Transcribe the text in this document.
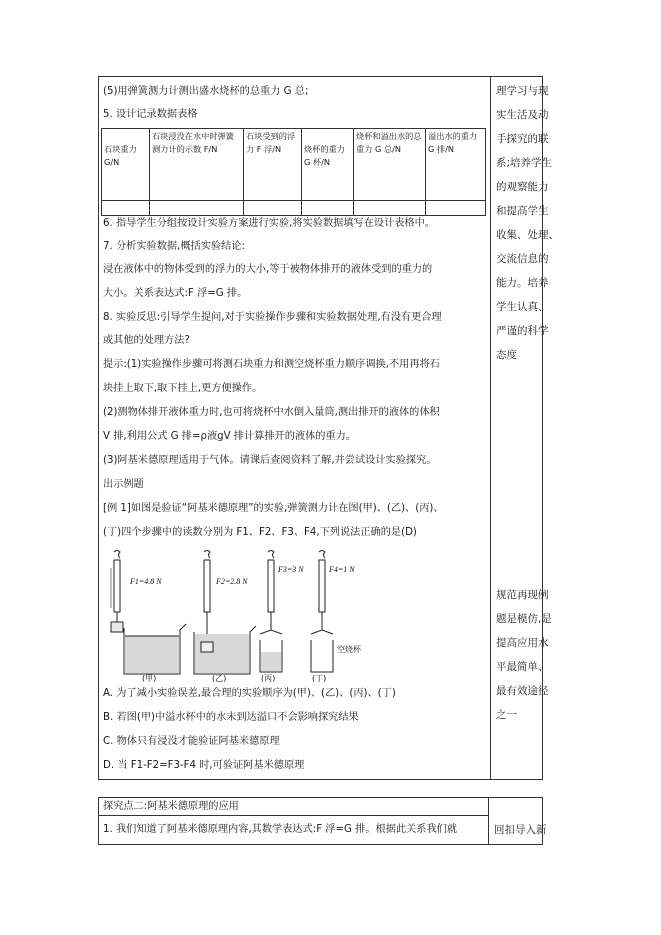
(5)用弹簧测力计测出盛水烧杯的总重力 G 总;
5. 设计记录数据表格
石块重力 G/N	石块浸没在水中时弹簧测力计的示数 F/N	石块受到的浮力 F 浮/N	烧杯的重力 G 杯/N	烧杯和溢出水的总重力 G 总/N	溢出水的重力 G 排/N

6. 指导学生分组按设计实验方案进行实验,将实验数据填写在设计表格中。
7. 分析实验数据,概括实验结论:
浸在液体中的物体受到的浮力的大小,等于被物体排开的液体受到的重力的
大小。关系表达式:F 浮=G 排。
8. 实验反思:引导学生提问,对于实验操作步骤和实验数据处理,有没有更合理
或其他的处理方法?
提示:(1)实验操作步骤可将测石块重力和测空烧杯重力顺序调换,不用再将石
块挂上取下,取下挂上,更方便操作。
(2)测物体排开液体重力时,也可将烧杯中水倒入量筒,测出排开的液体的体积
V 排,利用公式 G 排=ρ液gV 排计算排开的液体的重力。
(3)阿基米德原理适用于气体。请课后查阅资料了解,并尝试设计实验探究。
出示例题
[例 1]如图是验证“阿基米德原理”的实验,弹簧测力计在图(甲)、(乙)、(丙)、
(丁)四个步骤中的读数分别为 F1、F2、F3、F4,下列说法正确的是(D)
F1=4.8 N	F2=2.8 N
F3=3 N	F4=1 N
空烧杯
(甲)	(乙)	(丙)	(丁)
A. 为了减小实验误差,最合理的实验顺序为(甲)、(乙)、(丙)、(丁)
B. 若图(甲)中溢水杯中的水未到达溢口不会影响探究结果
C. 物体只有浸没才能验证阿基米德原理
D. 当 F1-F2=F3-F4 时,可验证阿基米德原理
理学习与现
实生活及动
手探究的联
系;培养学生
的观察能力
和提高学生
收集、处理、
交流信息的
能力。培养
学生认真、
严谨的科学
态度
规范再现例
题是模仿,是
提高应用水
平最简单、
最有效途径
之一
探究点二:阿基米德原理的应用
1. 我们知道了阿基米德原理内容,其数学表达式:F 浮=G 排。根据此关系我们就	回扣导入新
